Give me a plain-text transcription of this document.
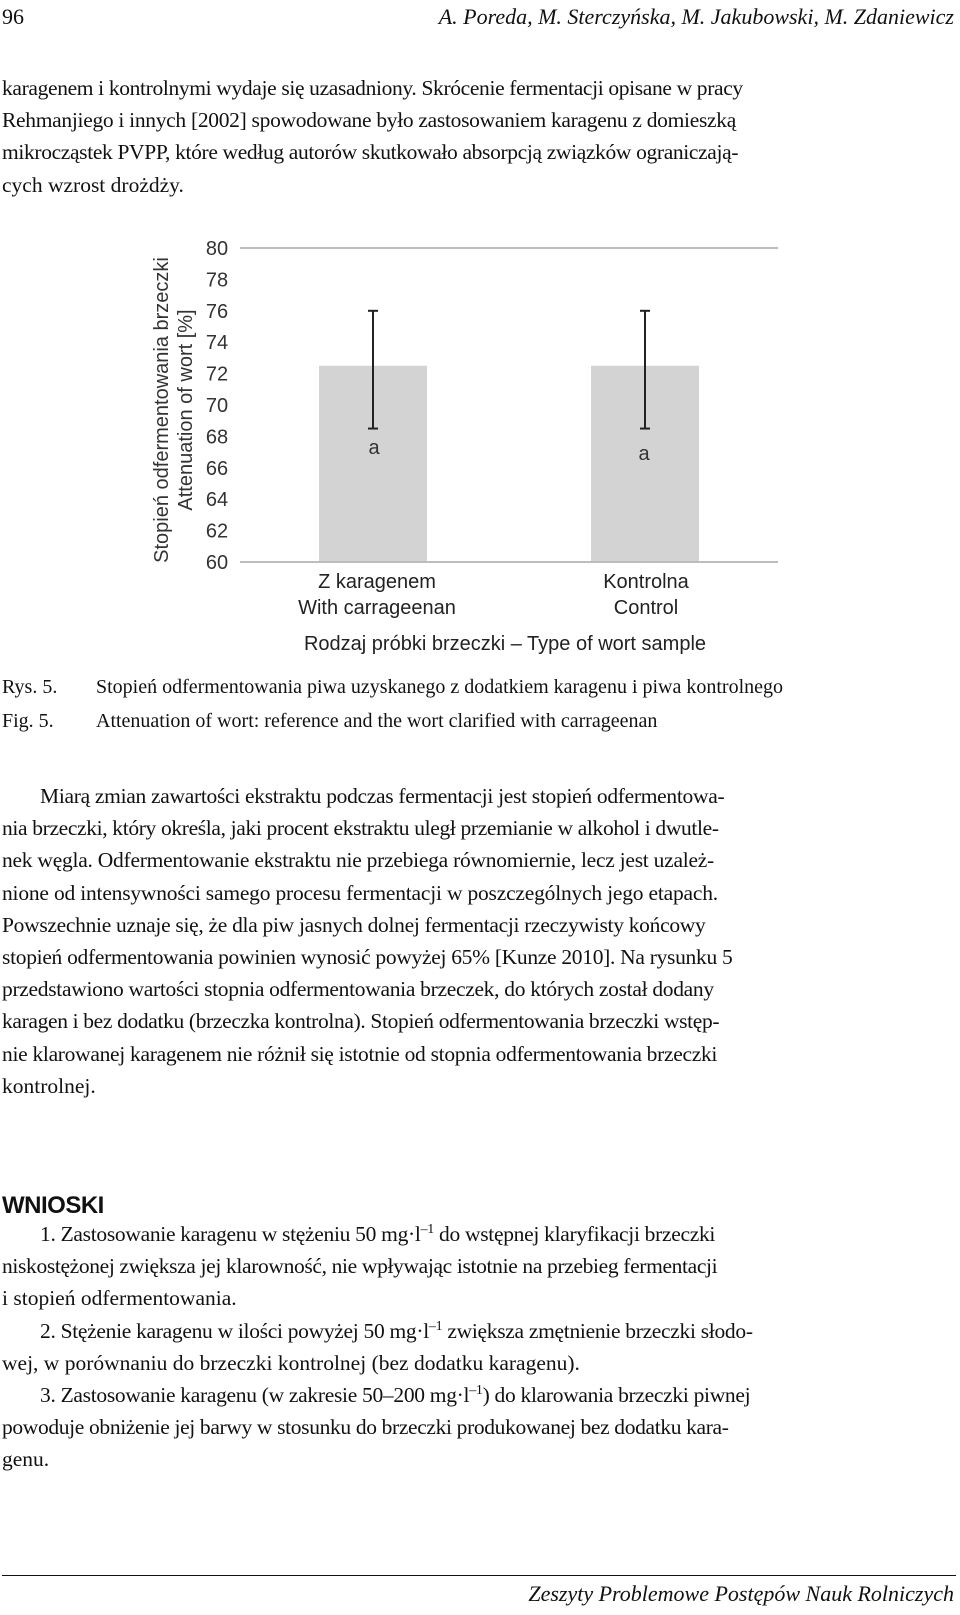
96	A. Poreda, M. Sterczyńska, M. Jakubowski, M. Zdaniewicz
karagenem i kontrolnymi wydaje się uzasadniony. Skrócenie fermentacji opisane w pracy
Rehmanjiego i innych [2002] spowodowane było zastosowaniem karagenu z domieszką
mikrocząstek PVPP, które według autorów skutkowało absorpcją związków ograniczają-
cych wzrost drożdży.
Stopień odfermentowania brzeczki Attenuation of wort [%]
60
62
64
66
68
70
72
74
76
78
80
a	a
Z karagenem
With carrageenan
Kontrolna
Control
Rodzaj próbki brzeczki – Type of wort sample
Rys. 5. Stopień odfermentowania piwa uzyskanego z dodatkiem karagenu i piwa kontrolnego
Fig. 5. Attenuation of wort: reference and the wort clarified with carrageenan
Miarą zmian zawartości ekstraktu podczas fermentacji jest stopień odfermentowa-
nia brzeczki, który określa, jaki procent ekstraktu uległ przemianie w alkohol i dwutle-
nek węgla. Odfermentowanie ekstraktu nie przebiega równomiernie, lecz jest uzależ-
nione od intensywności samego procesu fermentacji w poszczególnych jego etapach.
Powszechnie uznaje się, że dla piw jasnych dolnej fermentacji rzeczywisty końcowy
stopień odfermentowania powinien wynosić powyżej 65% [Kunze 2010]. Na rysunku 5
przedstawiono wartości stopnia odfermentowania brzeczek, do których został dodany
karagen i bez dodatku (brzeczka kontrolna). Stopień odfermentowania brzeczki wstęp-
nie klarowanej karagenem nie różnił się istotnie od stopnia odfermentowania brzeczki
kontrolnej.
WNIOSKI
1. Zastosowanie karagenu w stężeniu 50 $mg\cdot l^{-1}$ do wstępnej klaryfikacji brzeczki
niskostężonej zwiększa jej klarowność, nie wpływając istotnie na przebieg fermentacji
i stopień odfermentowania.
2. Stężenie karagenu w ilości powyżej 50 $mg\cdot l^{-1}$ zwiększa zmętnienie brzeczki słodo-
wej, w porównaniu do brzeczki kontrolnej (bez dodatku karagenu).
3. Zastosowanie karagenu (w zakresie 50–200 $mg\cdot l^{-1}$) do klarowania brzeczki piwnej
powoduje obniżenie jej barwy w stosunku do brzeczki produkowanej bez dodatku kara-
genu.
Zeszyty Problemowe Postępów Nauk Rolniczych
